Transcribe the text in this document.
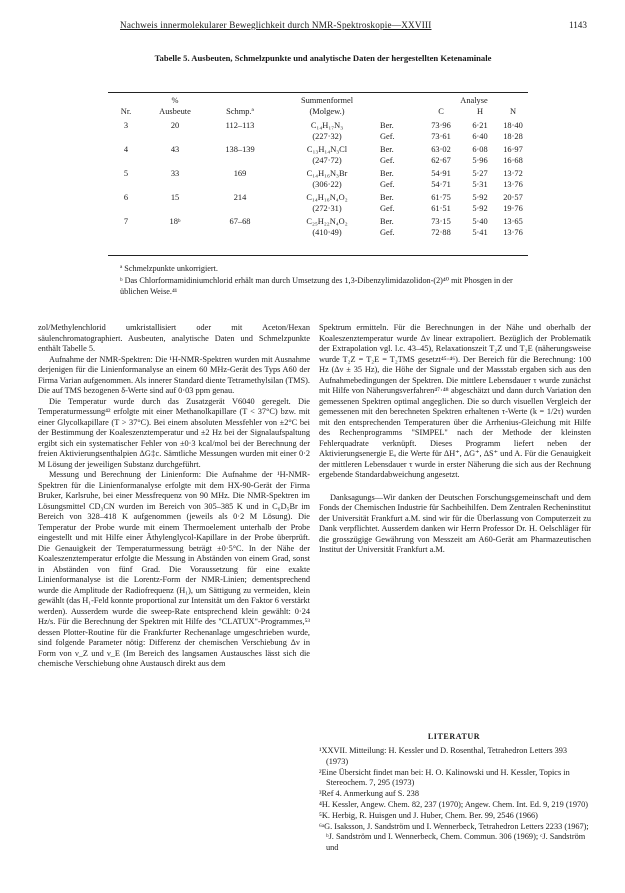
Nachweis innermolekularer Beweglichkeit durch NMR-Spektroskopie—XXVIII	1143
Tabelle 5. Ausbeuten, Schmelzpunkte und analytische Daten der hergestellten Ketenaminale
	%		Summenformel		Analyse		
Nr.	Ausbeute	Schmp.ª	(Molgew.)		C	H	N
3	20	112–113	C₁₄H₁₇N₃	Ber.	73·96	6·21	18·40
			(227·32)	Gef.	73·61	6·40	18·28
4	43	138–139	C₁₃H₁₄N₃Cl	Ber.	63·02	6·08	16·97
			(247·72)	Gef.	62·67	5·96	16·68
5	33	169	C₁₄H₁₆N₃Br	Ber.	54·91	5·27	13·72
			(306·22)	Gef.	54·71	5·31	13·76
6	15	214	C₁₄H₁₆N₄O₂	Ber.	61·75	5·92	20·57
			(272·31)	Gef.	61·51	5·92	19·76
7	18ᵇ	67–68	C₂₅H₂₂N₄O₂	Ber.	73·15	5·40	13·65
			(410·49)	Gef.	72·88	5·41	13·76
ª Schmelzpunkte unkorrigiert.
ᵇ Das Chlorformamidiniumchlorid erhält man durch Umsetzung des 1,3-Dibenzylimidazolidon-(2)⁴⁰ mit Phosgen in der üblichen Weise.⁴¹

zol/Methylenchlorid umkristallisiert oder mit Aceton/Hexan säulenchromatographiert. Ausbeuten, analytische Daten und Schmelzpunkte enthält Tabelle 5.

Aufnahme der NMR-Spektren: Die ¹H-NMR-Spektren wurden mit Ausnahme derjenigen für die Linienformanalyse an einem 60 MHz-Gerät des Typs A60 der Firma Varian aufgenommen. Als innerer Standard diente Tetramethylsilan (TMS). Die auf TMS bezogenen δ-Werte sind auf 0·03 ppm genau.

Die Temperatur wurde durch das Zusatzgerät V6040 geregelt. Die Temperaturmessung⁴² erfolgte mit einer Methanolkapillare (T < 37°C) bzw. mit einer Glycolkapillare (T > 37°C). Bei einem absoluten Messfehler von ±2°C bei der Bestimmung der Koaleszenztemperatur und ±2 Hz bei der Signalaufspaltung ergibt sich ein systematischer Fehler von ±0·3 kcal/mol bei der Berechnung der freien Aktivierungsenthalpien ΔG‡c. Sämtliche Messungen wurden mit einer 0·2 M Lösung der jeweiligen Substanz durchgeführt.

Messung und Berechnung der Linienform: Die Aufnahme der ¹H-NMR-Spektren für die Linienformanalyse erfolgte mit dem HX-90-Gerät der Firma Bruker, Karlsruhe, bei einer Messfrequenz von 90 MHz. Die NMR-Spektren im Lösungsmittel CD₃CN wurden im Bereich von 305–385 K und in C₆D₅Br im Bereich von 328–418 K aufgenommen (jeweils als 0·2 M Lösung). Die Temperatur der Probe wurde mit einem Thermoelement unterhalb der Probe eingestellt und mit Hilfe einer Äthylenglycol-Kapillare in der Probe überprüft. Die Genauigkeit der Temperaturmessung beträgt ±0·5°C. In der Nähe der Koaleszenztemperatur erfolgte die Messung in Abständen von einem Grad, sonst in Abständen von fünf Grad. Die Voraussetzung für eine exakte Linienformanalyse ist die Lorentz-Form der NMR-Linien; dementsprechend wurde die Amplitude der Radiofrequenz (H₁), um Sättigung zu vermeiden, klein gewählt (das H₁-Feld konnte proportional zur Intensität um den Faktor 6 verstärkt werden). Ausserdem wurde die sweep-Rate entsprechend klein gewählt: 0·24 Hz/s. Für die Berechnung der Spektren mit Hilfe des "CLATUX"-Programmes,⁵³ dessen Plotter-Routine für die Frankfurter Rechenanlage umgeschrieben wurde, sind folgende Parameter nötig: Differenz der chemischen Verschiebung Δν in Form von ν_Z und ν_E (Im Bereich des langsamen Austausches lässt sich die chemische Verschiebung ohne Austausch direkt aus dem

Spektrum ermitteln. Für die Berechnungen in der Nähe und oberhalb der Koaleszenztemperatur wurde Δν linear extrapoliert. Bezüglich der Problematik der Extrapolation vgl. l.c. 43–45), Relaxationszeit T₂Z und T₂E (näherungsweise wurde T₂Z = T₂E = T₂TMS gesetzt⁴⁵·⁴⁶). Der Bereich für die Berechnung: 100 Hz (Δν ± 35 Hz), die Höhe der Signale und der Massstab ergaben sich aus den Aufnahmebedingungen der Spektren. Die mittlere Lebensdauer τ wurde zunächst mit Hilfe von Näherungsverfahren⁴⁷·⁴⁸ abgeschätzt und dann durch Variation den gemessenen Spektren optimal angeglichen. Die so durch visuellen Vergleich der gemessenen mit den berechneten Spektren erhaltenen τ-Werte (k = 1/2τ) wurden mit den entsprechenden Temperaturen über die Arrhenius-Gleichung mit Hilfe des Rechenprogramms "SIMPEL" nach der Methode der kleinsten Fehlerquadrate verknüpft. Dieses Programm liefert neben der Aktivierungsenergie Eₐ die Werte für ΔH⁺, ΔG⁺, ΔS⁺ und A. Für die Genauigkeit der mittleren Lebensdauer τ wurde in erster Näherung die sich aus der Rechnung ergebende Standardabweichung angesetzt.

Danksagungs—Wir danken der Deutschen Forschungsgemeinschaft und dem Fonds der Chemischen Industrie für Sachbeihilfen. Dem Zentralen Recheninstitut der Universität Frankfurt a.M. sind wir für die Überlassung von Computerzeit zu Dank verpflichtet. Ausserdem danken wir Herrn Professor Dr. H. Oelschläger für die grosszügige Gewährung von Messzeit am A60-Gerät am Pharmazeutischen Institut der Universität Frankfurt a.M.

LITERATUR
¹XXVII. Mitteilung: H. Kessler und D. Rosenthal, Tetrahedron Letters 393 (1973)
²Eine Übersicht findet man bei: H. O. Kalinowski und H. Kessler, Topics in Stereochem. 7, 295 (1973)
³Ref 4. Anmerkung auf S. 238
⁴H. Kessler, Angew. Chem. 82, 237 (1970); Angew. Chem. Int. Ed. 9, 219 (1970)
⁵K. Herbig, R. Huisgen und J. Huber, Chem. Ber. 99, 2546 (1966)
⁶ᵃG. Isaksson, J. Sandström und I. Wennerbeck, Tetrahedron Letters 2233 (1967); ᵇJ. Sandström und I. Wennerbeck, Chem. Commun. 306 (1969); ᶜJ. Sandström und
